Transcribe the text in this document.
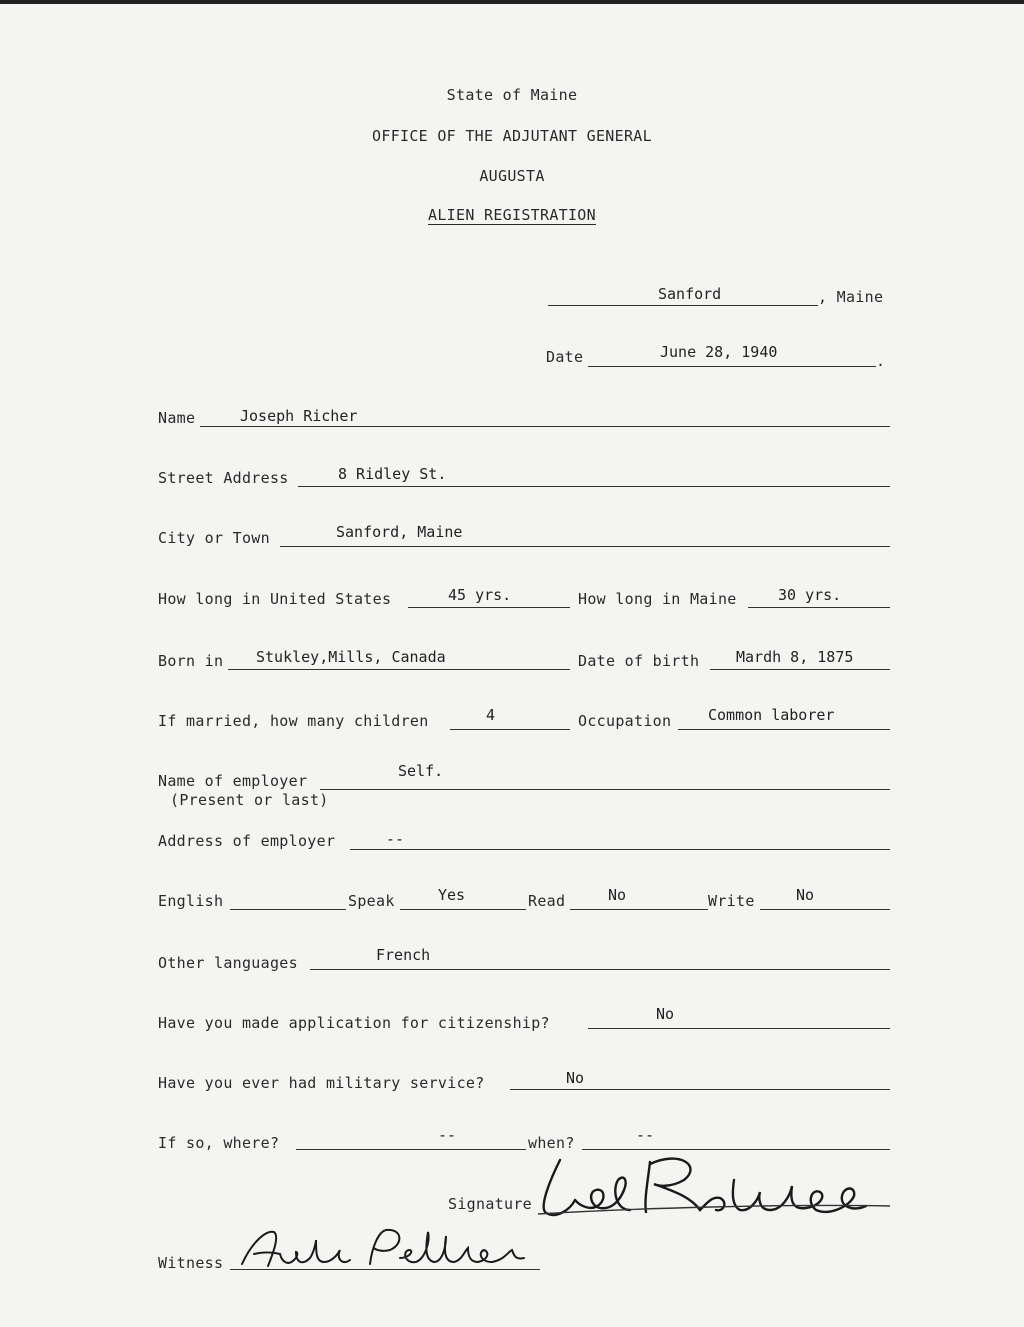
State of Maine
OFFICE OF THE ADJUTANT GENERAL
AUGUSTA
ALIEN REGISTRATION
Sanford	, Maine
Date	June 28, 1940	.
Name	Joseph Richer
Street Address	8 Ridley St.
City or Town	Sanford, Maine
How long in United States	45 yrs.	How long in Maine	30 yrs.
Born in Stukley,Mills, Canada	Date of birth Mardh 8, 1875
If married, how many children	4	Occupation Common laborer
Name of employer
(Present or last)
Self.
Address of employer	--
English	Speak	Yes	Read	No	Write	No
Other languages	French
Have you made application for citizenship?	No
Have you ever had military service?	No
If so, where?	--	when?	--
Signature
Witness
